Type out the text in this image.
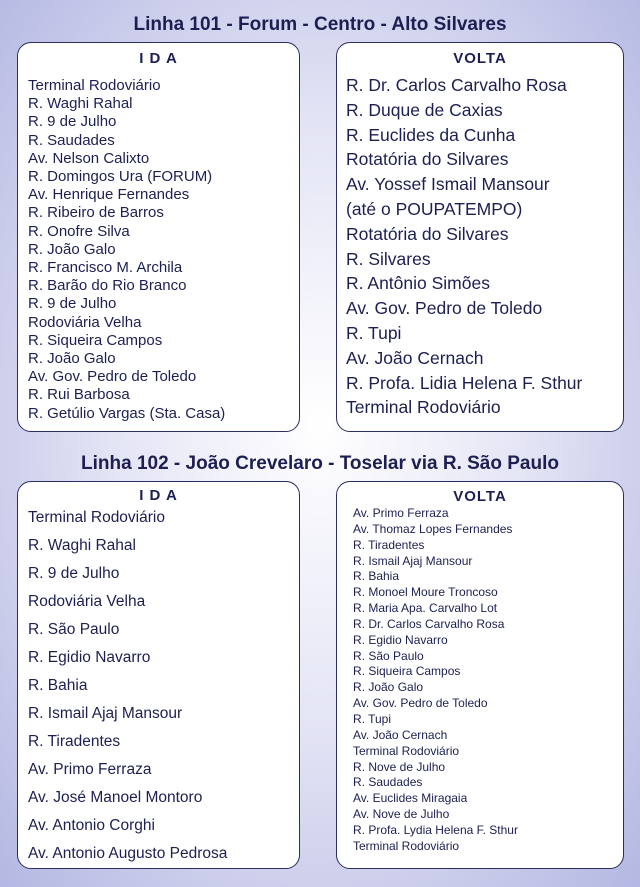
Linha 101 - Forum - Centro - Alto Silvares
I D A
Terminal Rodoviário
R. Waghi Rahal
R. 9 de Julho
R. Saudades
Av. Nelson Calixto
R. Domingos Ura (FORUM)
Av. Henrique Fernandes
R. Ribeiro de Barros
R. Onofre Silva
R. João Galo
R. Francisco M. Archila
R. Barão do Rio Branco
R. 9 de Julho
Rodoviária Velha
R. Siqueira Campos
R. João Galo
Av. Gov. Pedro de Toledo
R. Rui Barbosa
R. Getúlio Vargas (Sta. Casa)
VOLTA
R. Dr. Carlos Carvalho Rosa
R. Duque de Caxias
R. Euclides da Cunha
Rotatória do Silvares
Av. Yossef Ismail Mansour
(até o POUPATEMPO)
Rotatória do Silvares
R. Silvares
R. Antônio Simões
Av. Gov. Pedro de Toledo
R. Tupi
Av. João Cernach
R. Profa. Lidia Helena F. Sthur
Terminal Rodoviário
Linha 102 - João Crevelaro - Toselar via R. São Paulo
I D A
Terminal Rodoviário
R. Waghi Rahal
R. 9 de Julho
Rodoviária Velha
R. São Paulo
R. Egidio Navarro
R. Bahia
R. Ismail Ajaj Mansour
R. Tiradentes
Av. Primo Ferraza
Av. José Manoel Montoro
Av. Antonio Corghi
Av. Antonio Augusto Pedrosa
VOLTA
Av. Primo Ferraza
Av. Thomaz Lopes Fernandes
R. Tiradentes
R. Ismail Ajaj Mansour
R. Bahia
R. Monoel Moure Troncoso
R. Maria Apa. Carvalho Lot
R. Dr. Carlos Carvalho Rosa
R. Egidio Navarro
R. São Paulo
R. Siqueira Campos
R. João Galo
Av. Gov. Pedro de Toledo
R. Tupi
Av. João Cernach
Terminal Rodoviário
R. Nove de Julho
R. Saudades
Av. Euclides Miragaia
Av. Nove de Julho
R. Profa. Lydia Helena F. Sthur
Terminal Rodoviário
